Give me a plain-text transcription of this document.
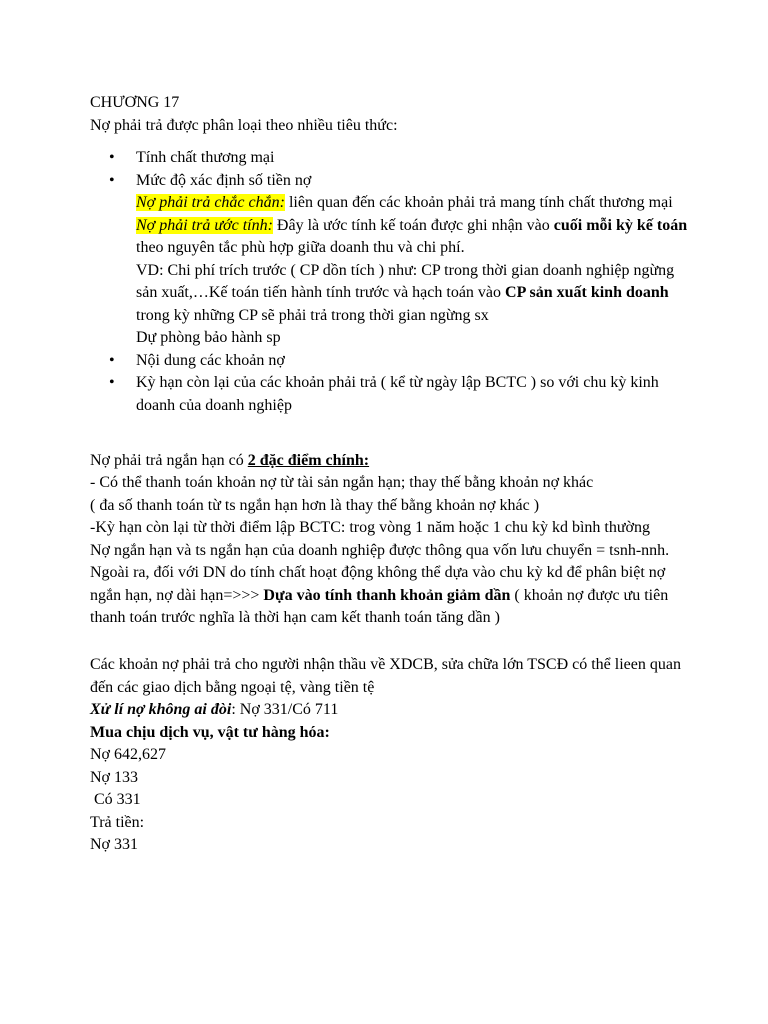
CHƯƠNG 17

Nợ phải trả được phân loại theo nhiều tiêu thức:

• Tính chất thương mại
• Mức độ xác định số tiền nợ
Nợ phải trả chắc chắn: liên quan đến các khoản phải trả mang tính chất thương mại
Nợ phải trả ước tính: Đây là ước tính kế toán được ghi nhận vào cuối mỗi kỳ kế toán theo nguyên tắc phù hợp giữa doanh thu và chi phí.
VD: Chi phí trích trước ( CP dồn tích ) như: CP trong thời gian doanh nghiệp ngừng sản xuất,…Kế toán tiến hành tính trước và hạch toán vào CP sản xuất kinh doanh trong kỳ những CP sẽ phải trả trong thời gian ngừng sx
Dự phòng bảo hành sp
• Nội dung các khoản nợ
• Kỳ hạn còn lại của các khoản phải trả ( kể từ ngày lập BCTC ) so với chu kỳ kinh doanh của doanh nghiệp

Nợ phải trả ngắn hạn có 2 đặc điểm chính:

- Có thể thanh toán khoản nợ từ tài sản ngắn hạn; thay thế bằng khoản nợ khác

( đa số thanh toán từ ts ngắn hạn hơn là thay thế bằng khoản nợ khác )

-Kỳ hạn còn lại từ thời điểm lập BCTC: trog vòng 1 năm hoặc 1 chu kỳ kd bình thường

Nợ ngắn hạn và ts ngắn hạn của doanh nghiệp được thông qua vốn lưu chuyển = tsnh-nnh.

Ngoài ra, đối với DN do tính chất hoạt động không thể dựa vào chu kỳ kd để phân biệt nợ ngắn hạn, nợ dài hạn=>>> Dựa vào tính thanh khoản giảm dần ( khoản nợ được ưu tiên thanh toán trước nghĩa là thời hạn cam kết thanh toán tăng dần )

Các khoản nợ phải trả cho người nhận thầu về XDCB, sửa chữa lớn TSCĐ có thể lieen quan đến các giao dịch bằng ngoại tệ, vàng tiền tệ

Xử lí nợ không ai đòi: Nợ 331/Có 711

Mua chịu dịch vụ, vật tư hàng hóa:

Nợ 642,627

Nợ 133

Có 331

Trả tiền:

Nợ 331
